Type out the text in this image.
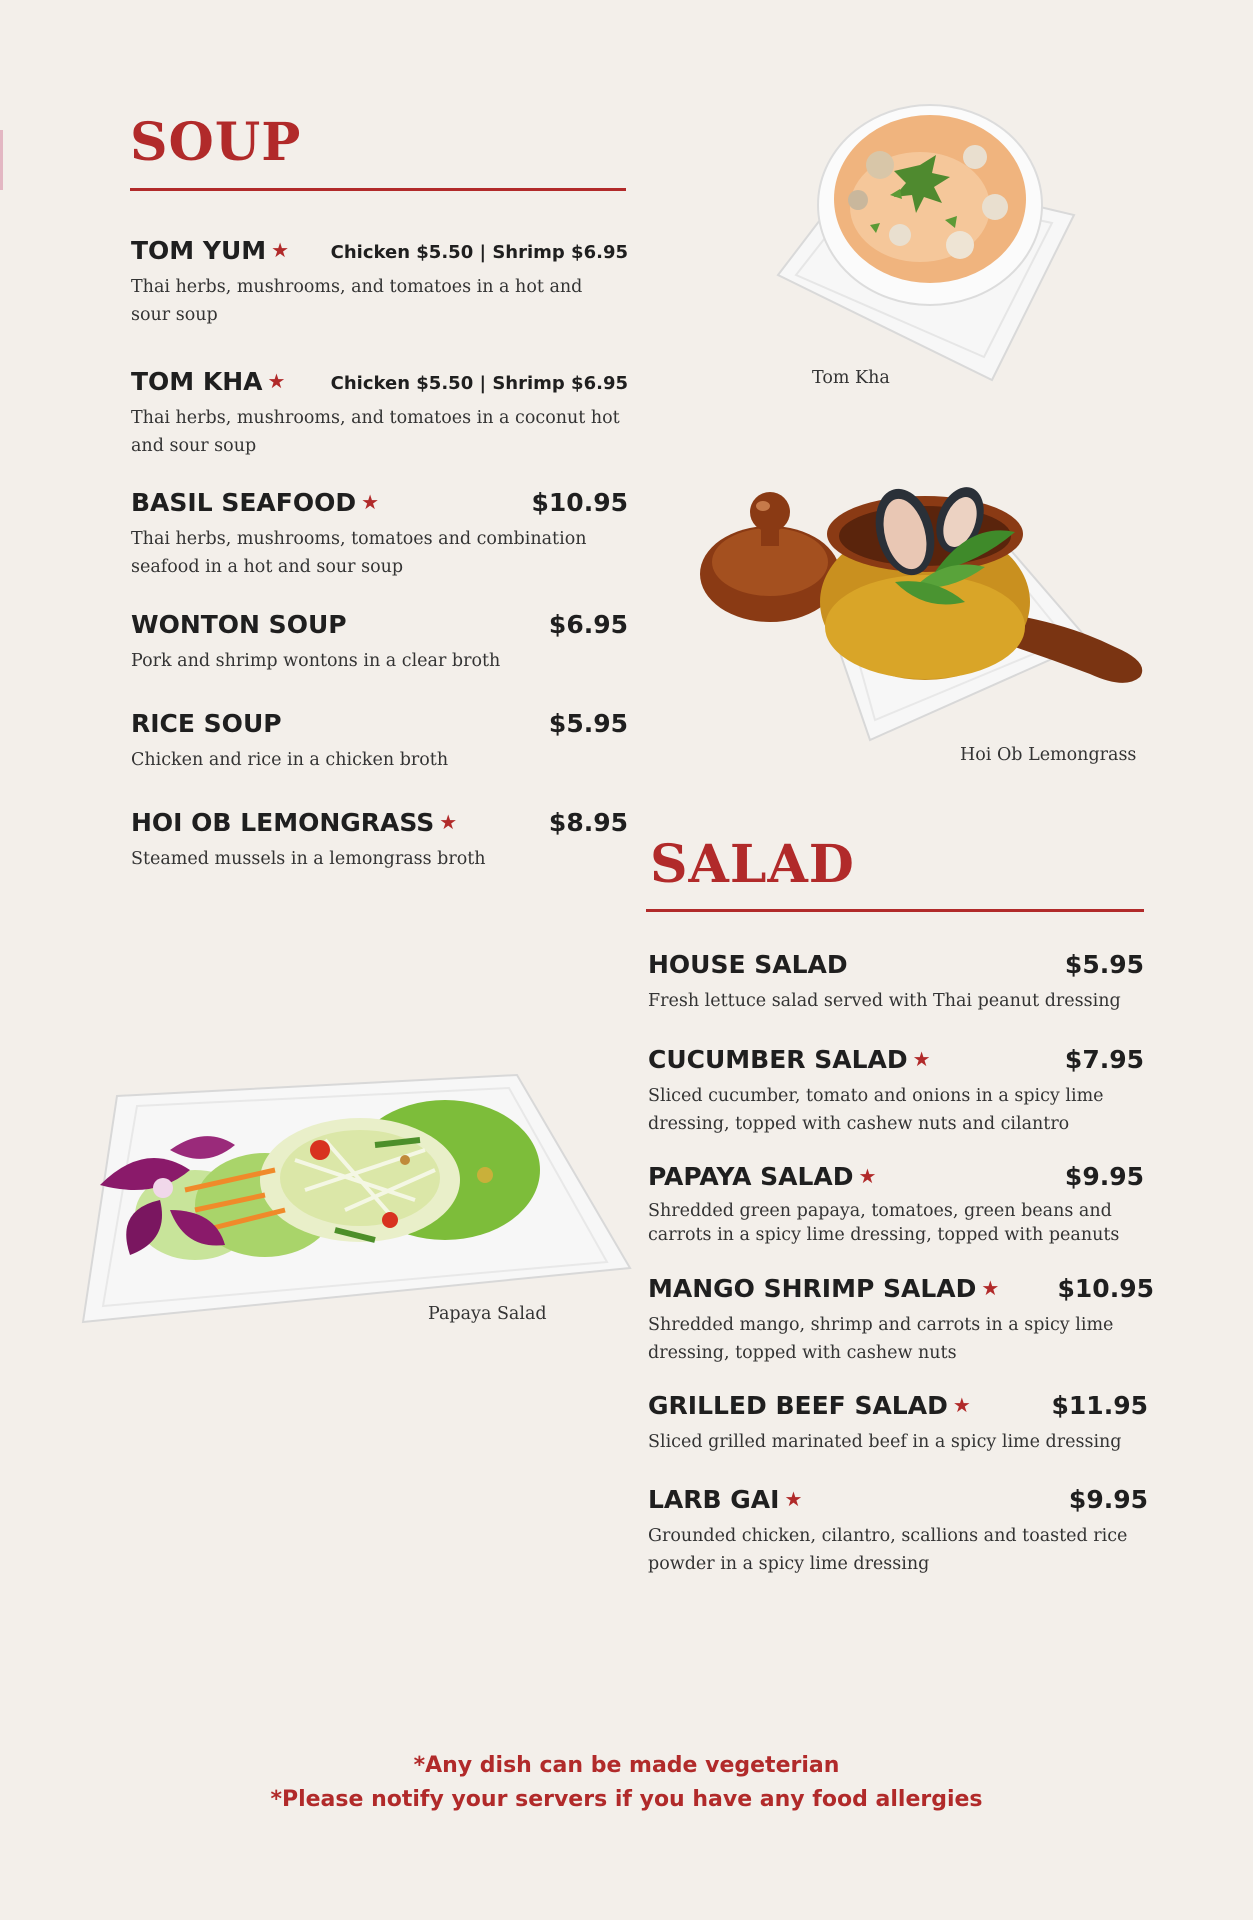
SOUP
TOM YUM ★ Chicken $5.50 | Shrimp $6.95
Thai herbs, mushrooms, and tomatoes in a hot and sour soup
TOM KHA ★	Chicken $5.50 | Shrimp $6.95
Thai herbs, mushrooms, and tomatoes in a coconut hot and sour soup
BASIL SEAFOOD ★	$10.95
Thai herbs, mushrooms, tomatoes and combination seafood in a hot and sour soup
WONTON SOUP	$6.95
Pork and shrimp wontons in a clear broth
RICE SOUP	$5.95
Chicken and rice in a chicken broth
HOI OB LEMONGRASS ★	$8.95
Steamed mussels in a lemongrass broth
Tom Kha
Hoi Ob Lemongrass
Papaya Salad
SALAD
HOUSE SALAD	$5.95
Fresh lettuce salad served with Thai peanut dressing
CUCUMBER SALAD ★	$7.95
Sliced cucumber, tomato and onions in a spicy lime dressing, topped with cashew nuts and cilantro
PAPAYA SALAD ★	$9.95
Shredded green papaya, tomatoes, green beans and carrots in a spicy lime dressing, topped with peanuts
MANGO SHRIMP SALAD ★ $10.95
Shredded mango, shrimp and carrots in a spicy lime dressing, topped with cashew nuts
GRILLED BEEF SALAD ★	$11.95
Sliced grilled marinated beef in a spicy lime dressing
LARB GAI ★	$9.95
Grounded chicken, cilantro, scallions and toasted rice powder in a spicy lime dressing
*Any dish can be made vegeterian
*Please notify your servers if you have any food allergies
